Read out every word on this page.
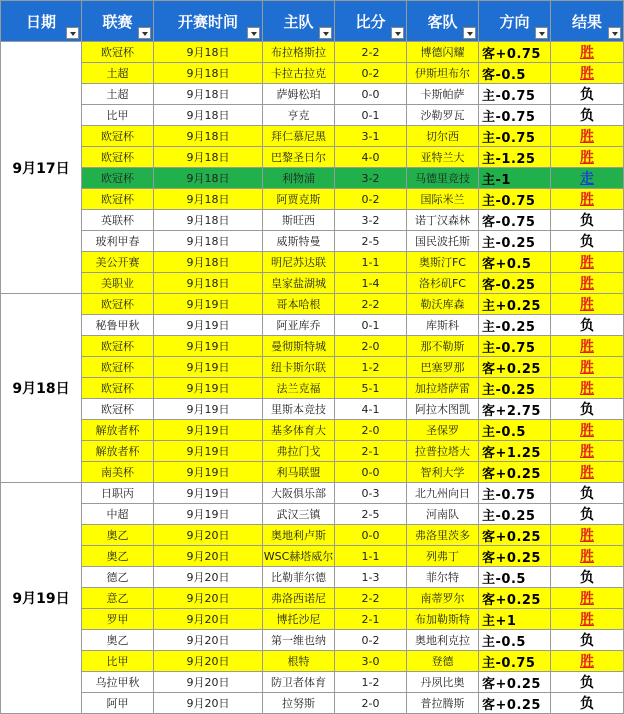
日期	联赛	开赛时间	主队	比分	客队	方向	结果

9月17日	欧冠杯	9月18日	布拉格斯拉	2-2	博德闪耀	客+0.75	胜
	土超	9月18日	卡拉古拉克	0-2	伊斯坦布尔	客-0.5	胜
	土超	9月18日	萨姆松珀	0-0	卡斯帕萨	主-0.75	负
	比甲	9月18日	亨克	0-1	沙勒罗瓦	主-0.75	负
	欧冠杯	9月18日	拜仁慕尼黑	3-1	切尔西	主-0.75	胜
	欧冠杯	9月18日	巴黎圣日尔	4-0	亚特兰大	主-1.25	胜
	欧冠杯	9月18日	利物浦	3-2	马德里竞技	主-1	走
	欧冠杯	9月18日	阿贾克斯	0-2	国际米兰	主-0.75	胜
	英联杯	9月18日	斯旺西	3-2	诺丁汉森林	客-0.75	负
	玻利甲春	9月18日	威斯特曼	2-5	国民波托斯	主-0.25	负
	美公开赛	9月18日	明尼苏达联	1-1	奥斯汀FC	客+0.5	胜
	美职业	9月18日	皇家盐湖城	1-4	洛杉矶FC	客-0.25	胜
9月18日	欧冠杯	9月19日	哥本哈根	2-2	勒沃库森	主+0.25	胜
	秘鲁甲秋	9月19日	阿亚库乔	0-1	库斯科	主-0.25	负
	欧冠杯	9月19日	曼彻斯特城	2-0	那不勒斯	主-0.75	胜
	欧冠杯	9月19日	纽卡斯尔联	1-2	巴塞罗那	客+0.25	胜
	欧冠杯	9月19日	法兰克福	5-1	加拉塔萨雷	主-0.25	胜
	欧冠杯	9月19日	里斯本竞技	4-1	阿拉木图凯	客+2.75	负
	解放者杯	9月19日	基多体育大	2-0	圣保罗	主-0.5	胜
	解放者杯	9月19日	弗拉门戈	2-1	拉普拉塔大	客+1.25	胜
	南美杯	9月19日	利马联盟	0-0	智利大学	客+0.25	胜
9月19日	日职丙	9月19日	大阪俱乐部	0-3	北九州向日	主-0.75	负
	中超	9月19日	武汉三镇	2-5	河南队	主-0.25	负
	奥乙	9月20日	奥地利卢斯	0-0	弗洛里茨多	客+0.25	胜
	奥乙	9月20日	WSC赫塔威尔	1-1	列弗丁	客+0.25	胜
	德乙	9月20日	比勒菲尔德	1-3	菲尔特	主-0.5	负
	意乙	9月20日	弗洛西诺尼	2-2	南蒂罗尔	客+0.25	胜
	罗甲	9月20日	博托沙尼	2-1	布加勒斯特	主+1	胜
	奥乙	9月20日	第一维也纳	0-2	奥地利克拉	主-0.5	负
	比甲	9月20日	根特	3-0	登德	主-0.75	胜
	乌拉甲秋	9月20日	防卫者体育	1-2	丹夙比奥	客+0.25	负
	阿甲	9月20日	拉努斯	2-0	普拉腾斯	客+0.25	负
